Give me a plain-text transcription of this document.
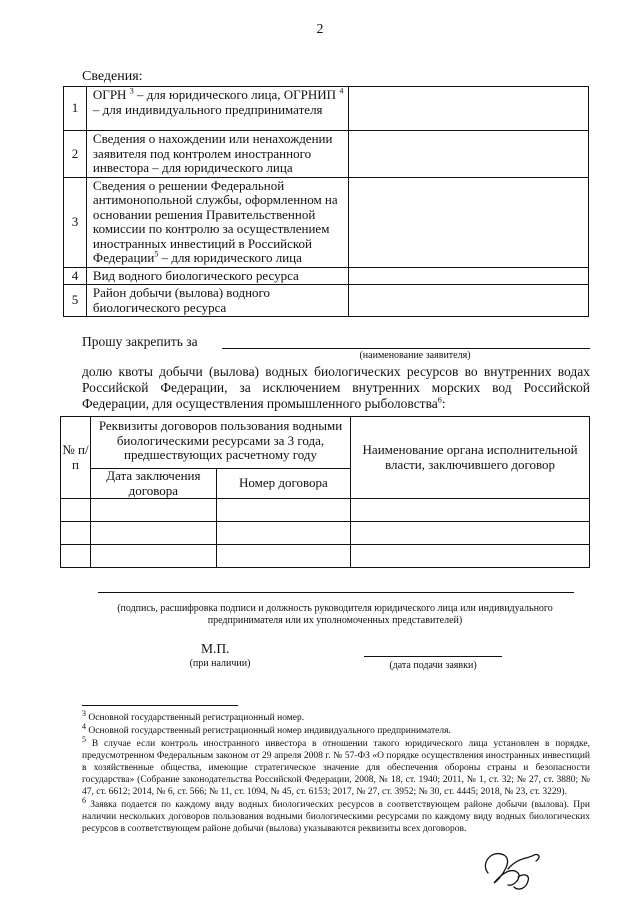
2
Сведения:
1	ОГРН $^3$ – для юридического лица, ОГРНИП $^4$ – для индивидуального предпринимателя	
2	Сведения о нахождении или ненахождении заявителя под контролем иностранного инвестора – для юридического лица	
3	Сведения о решении Федеральной антимонопольной службы, оформленном на основании решения Правительственной комиссии по контролю за осуществлением иностранных инвестиций в Российской Федерации$^5$ – для юридического лица	
4	Вид водного биологического ресурса	
5	Район добычи (вылова) водного биологического ресурса	
Прошу закрепить за
(наименование заявителя)
долю квоты добычи (вылова) водных биологических ресурсов во внутренних водах Российской Федерации, за исключением внутренних морских вод Российской Федерации, для осуществления промышленного рыболовства$^6$:
№ п/п	Реквизиты договоров пользования водными биологическими ресурсами за 3 года, предшествующих расчетному году		Наименование органа исполнительной власти, заключившего договор
	Дата заключения договора	Номер договора	

(подпись, расшифровка подписи и должность руководителя юридического лица или индивидуального предпринимателя или их уполномоченных представителей)
М.П.
(при наличии)	(дата подачи заявки)

$^3$ Основной государственный регистрационный номер.

$^4$ Основной государственный регистрационный номер индивидуального предпринимателя.

$^5$ В случае если контроль иностранного инвестора в отношении такого юридического лица установлен в порядке, предусмотренном Федеральным законом от 29 апреля 2008 г. № 57-ФЗ «О порядке осуществления иностранных инвестиций в хозяйственные общества, имеющие стратегическое значение для обеспечения обороны страны и безопасности государства» (Собрание законодательства Российской Федерации, 2008, № 18, ст. 1940; 2011, № 1, ст. 32; № 27, ст. 3880; № 47, ст. 6612; 2014, № 6, ст. 566; № 11, ст. 1094, № 45, ст. 6153; 2017, № 27, ст. 3952; № 30, ст. 4445; 2018, № 23, ст. 3229).

$^6$ Заявка подается по каждому виду водных биологических ресурсов в соответствующем районе добычи (вылова). При наличии нескольких договоров пользования водными биологическими ресурсами по каждому виду водных биологических ресурсов в соответствующем районе добычи (вылова) указываются реквизиты всех договоров.
